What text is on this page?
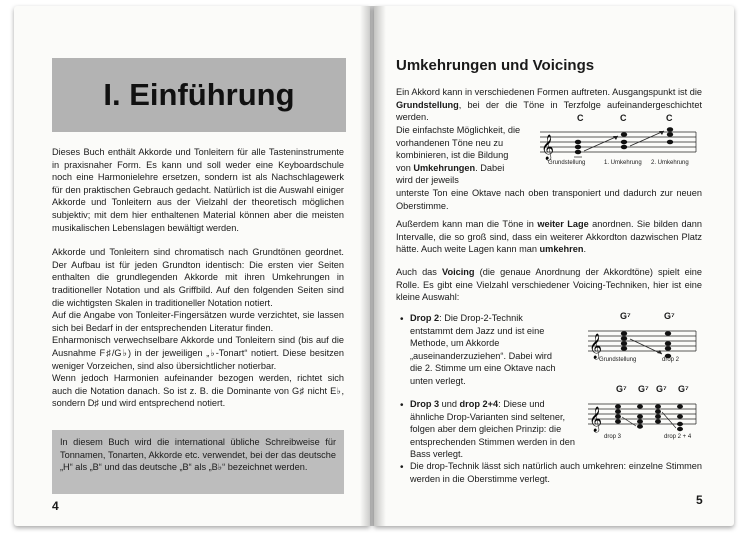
I. Einführung

Dieses Buch enthält Akkorde und Tonleitern für alle Tasteninstrumente in praxisnaher Form. Es kann und soll weder eine Keyboardschule noch eine Harmonielehre ersetzen, sondern ist als Nachschlagewerk für den praktischen Gebrauch gedacht. Natürlich ist die Auswahl einiger Akkorde und Tonleitern aus der Vielzahl der theoretisch möglichen subjektiv; mit dem hier enthaltenen Material können aber die meisten musikalischen Lebenslagen bewältigt werden.

Akkorde und Tonleitern sind chromatisch nach Grundtönen geordnet. Der Aufbau ist für jeden Grundton identisch: Die ersten vier Seiten enthalten die grundlegenden Akkorde mit ihren Umkehrungen in traditioneller Notation und als Griffbild. Auf den folgenden Seiten sind die wichtigsten Skalen in traditioneller Notation notiert.

Auf die Angabe von Tonleiter-Fingersätzen wurde verzichtet, sie lassen sich bei Bedarf in der entsprechenden Literatur finden.

Enharmonisch verwechselbare Akkorde und Tonleitern sind (bis auf die Ausnahme F♯/G♭) in der jeweiligen „♭-Tonart“ notiert. Diese besitzen weniger Vorzeichen, sind also übersichtlicher notierbar.

Wenn jedoch Harmonien aufeinander bezogen werden, richtet sich auch die Notation danach. So ist z. B. die Dominante von G♯ nicht E♭, sondern D♯ und wird entsprechend notiert.

In diesem Buch wird die international übliche Schreibweise für Tonnamen, Tonarten, Akkorde etc. verwendet, bei der das deutsche „H“ als „B“ und das deutsche „B“ als „B♭“ bezeichnet werden.
4
Umkehrungen und Voicings
Ein Akkord kann in verschiedenen Formen auftreten. Ausgangspunkt ist die Grundstellung, bei der die Töne in Terzfolge aufeinandergeschichtet werden.
Die einfachste Möglichkeit, die vorhandenen Töne neu zu kombinieren, ist die Bildung von Umkehrungen. Dabei wird der jeweils
unterste Ton eine Oktave nach oben transponiert und dadurch zur neuen Oberstimme.
C	C	C
𝄞
Grundstellung	1. Umkehrung 2. Umkehrung
Außerdem kann man die Töne in weiter Lage anordnen. Sie bilden dann Intervalle, die so groß sind, dass ein weiterer Akkordton dazwischen Platz hätte. Auch weite Lagen kann man umkehren.
Auch das Voicing (die genaue Anordnung der Akkordtöne) spielt eine Rolle. Es gibt eine Vielzahl verschiedener Voicing-Techniken, hier ist eine kleine Auswahl:
• Drop 2: Die Drop-2-Technik entstammt dem Jazz und ist eine Methode, um Akkorde „auseinanderzuziehen“. Dabei wird die 2. Stimme um eine Oktave nach unten verlegt.
G⁷	G⁷
𝄞
Grundstellung	drop 2
• Drop 3 und drop 2+4: Diese und ähnliche Drop-Varianten sind seltener, folgen aber dem gleichen Prinzip: die entsprechenden Stimmen werden in den Bass verlegt.
G⁷ G⁷ G⁷ G⁷
𝄞
drop 3	drop 2 + 4
• Die drop-Technik lässt sich natürlich auch umkehren: einzelne Stimmen werden in die Oberstimme verlegt.
5
